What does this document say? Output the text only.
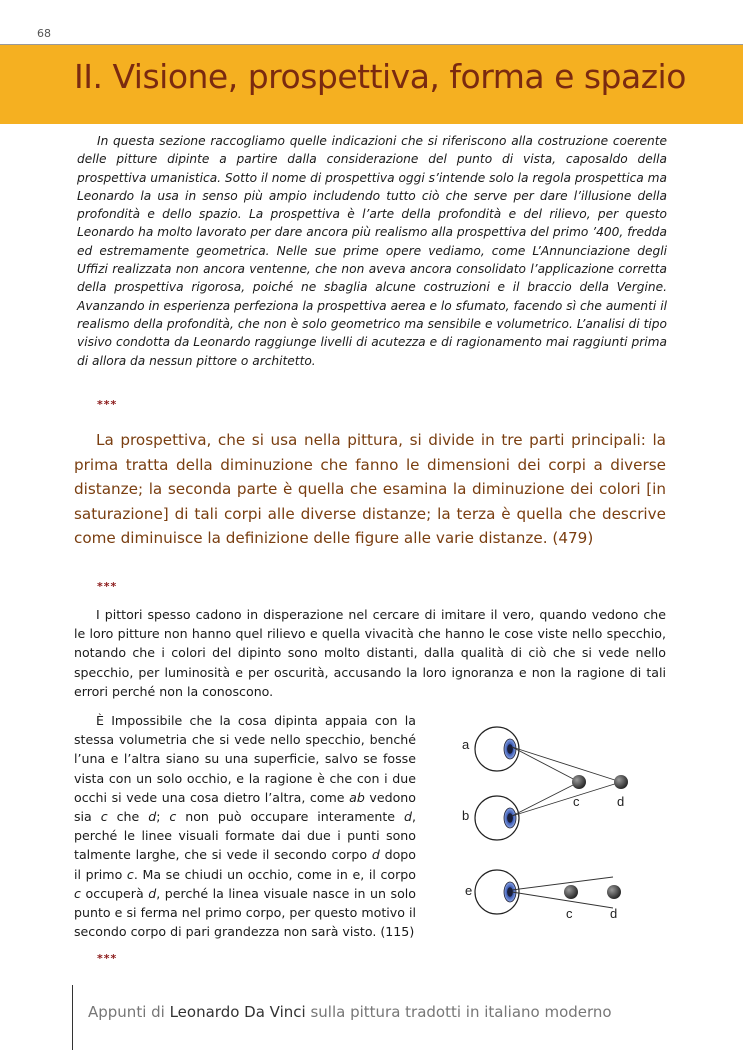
68
II. Visione, prospettiva, forma e spazio

In questa sezione raccogliamo quelle indicazioni che si riferiscono alla costruzione coerente delle pitture dipinte a partire dalla considerazione del punto di vista, caposaldo della prospettiva umanistica. Sotto il nome di prospettiva oggi s’intende solo la regola prospettica ma Leonardo la usa in senso più ampio includendo tutto ciò che serve per dare l’illusione della profondità e dello spazio. La prospettiva è l’arte della profondità e del rilievo, per questo Leonardo ha molto lavorato per dare ancora più realismo alla prospettiva del primo ’400, fredda ed estremamente geometrica. Nelle sue prime opere vediamo, come L’Annunciazione degli Uffizi realizzata non ancora ventenne, che non aveva ancora consolidato l’applicazione corretta della prospettiva rigorosa, poiché ne sbaglia alcune costruzioni e il braccio della Vergine. Avanzando in esperienza perfeziona la prospettiva aerea e lo sfumato, facendo sì che aumenti il realismo della profondità, che non è solo geometrico ma sensibile e volumetrico. L’analisi di tipo visivo condotta da Leonardo raggiunge livelli di acutezza e di ragionamento mai raggiunti prima di allora da nessun pittore o architetto.

***

La prospettiva, che si usa nella pittura, si divide in tre parti principali: la prima tratta della diminuzione che fanno le dimensioni dei corpi a diverse distanze; la seconda parte è quella che esamina la diminuzione dei colori [in saturazione] di tali corpi alle diverse distanze; la terza è quella che descrive come diminuisce la definizione delle figure alle varie distanze. (479)

***

I pittori spesso cadono in disperazione nel cercare di imitare il vero, quando vedono che le loro pitture non hanno quel rilievo e quella vivacità che hanno le cose viste nello specchio, notando che i colori del dipinto sono molto distanti, dalla qualità di ciò che si vede nello specchio, per luminosità e per oscurità, accusando la loro ignoranza e non la ragione di tali errori perché non la conoscono.

È Impossibile che la cosa dipinta appaia con la stessa volumetria che si vede nello specchio, benché l’una e l’altra siano su una superficie, salvo se fosse vista con un solo occhio, e la ragione è che con i due occhi si vede una cosa dietro l’altra, come ab vedono sia c che d; c non può occupare interamente d, perché le linee visuali formate dai due i punti sono talmente larghe, che si vede il secondo corpo d dopo il primo c. Ma se chiudi un occhio, come in e, il corpo c occuperà d, perché la linea visuale nasce in un solo punto e si ferma nel primo corpo, per questo motivo il secondo corpo di pari grandezza non sarà visto. (115)

a
b
c	d
e
c	d
***
Appunti di Leonardo Da Vinci sulla pittura tradotti in italiano moderno
